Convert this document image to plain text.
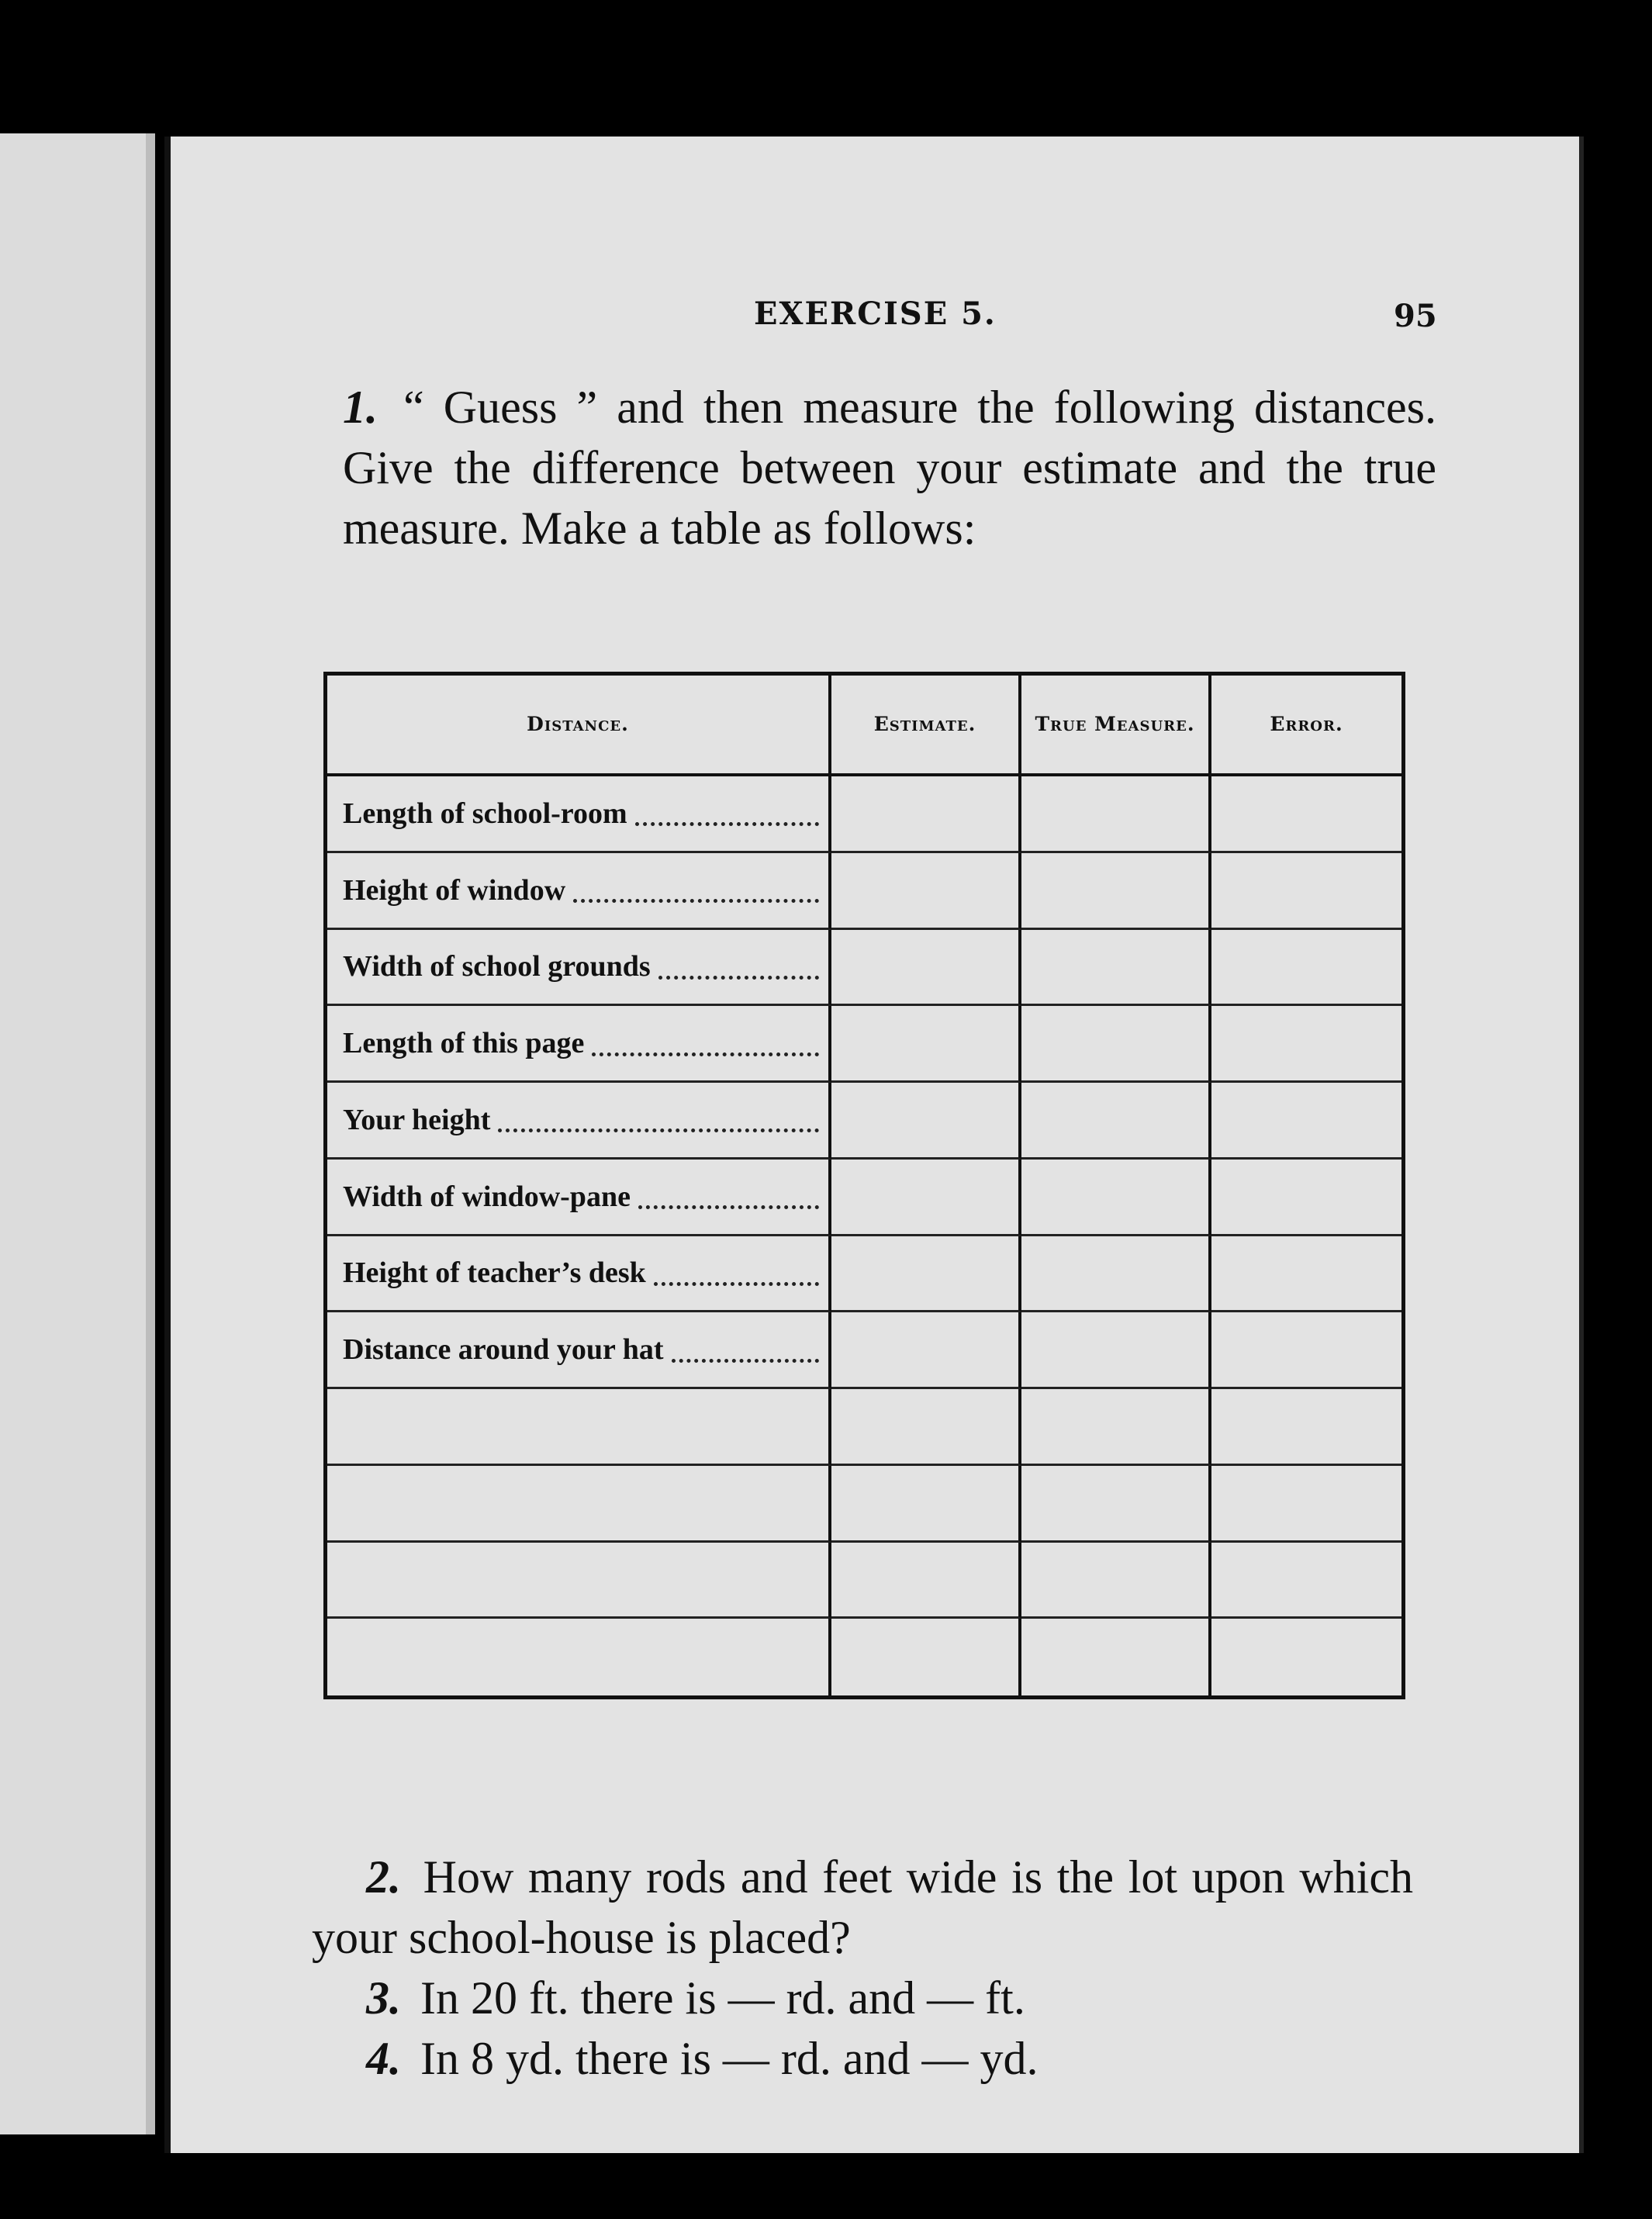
EXERCISE 5.	95

1. “ Guess ” and then measure the following distances. Give the difference between your estimate and the true measure. Make a table as follows:

Distance.	Estimate.	True Measure.	Error.
Length of school-room
Height of window
Width of school grounds
Length of this page
Your height
Width of window-pane
Height of teacher’s desk
Distance around your hat

2. How many rods and feet wide is the lot upon which your school-house is placed?

3. In 20 ft. there is — rd. and — ft.

4. In 8 yd. there is — rd. and — yd.
